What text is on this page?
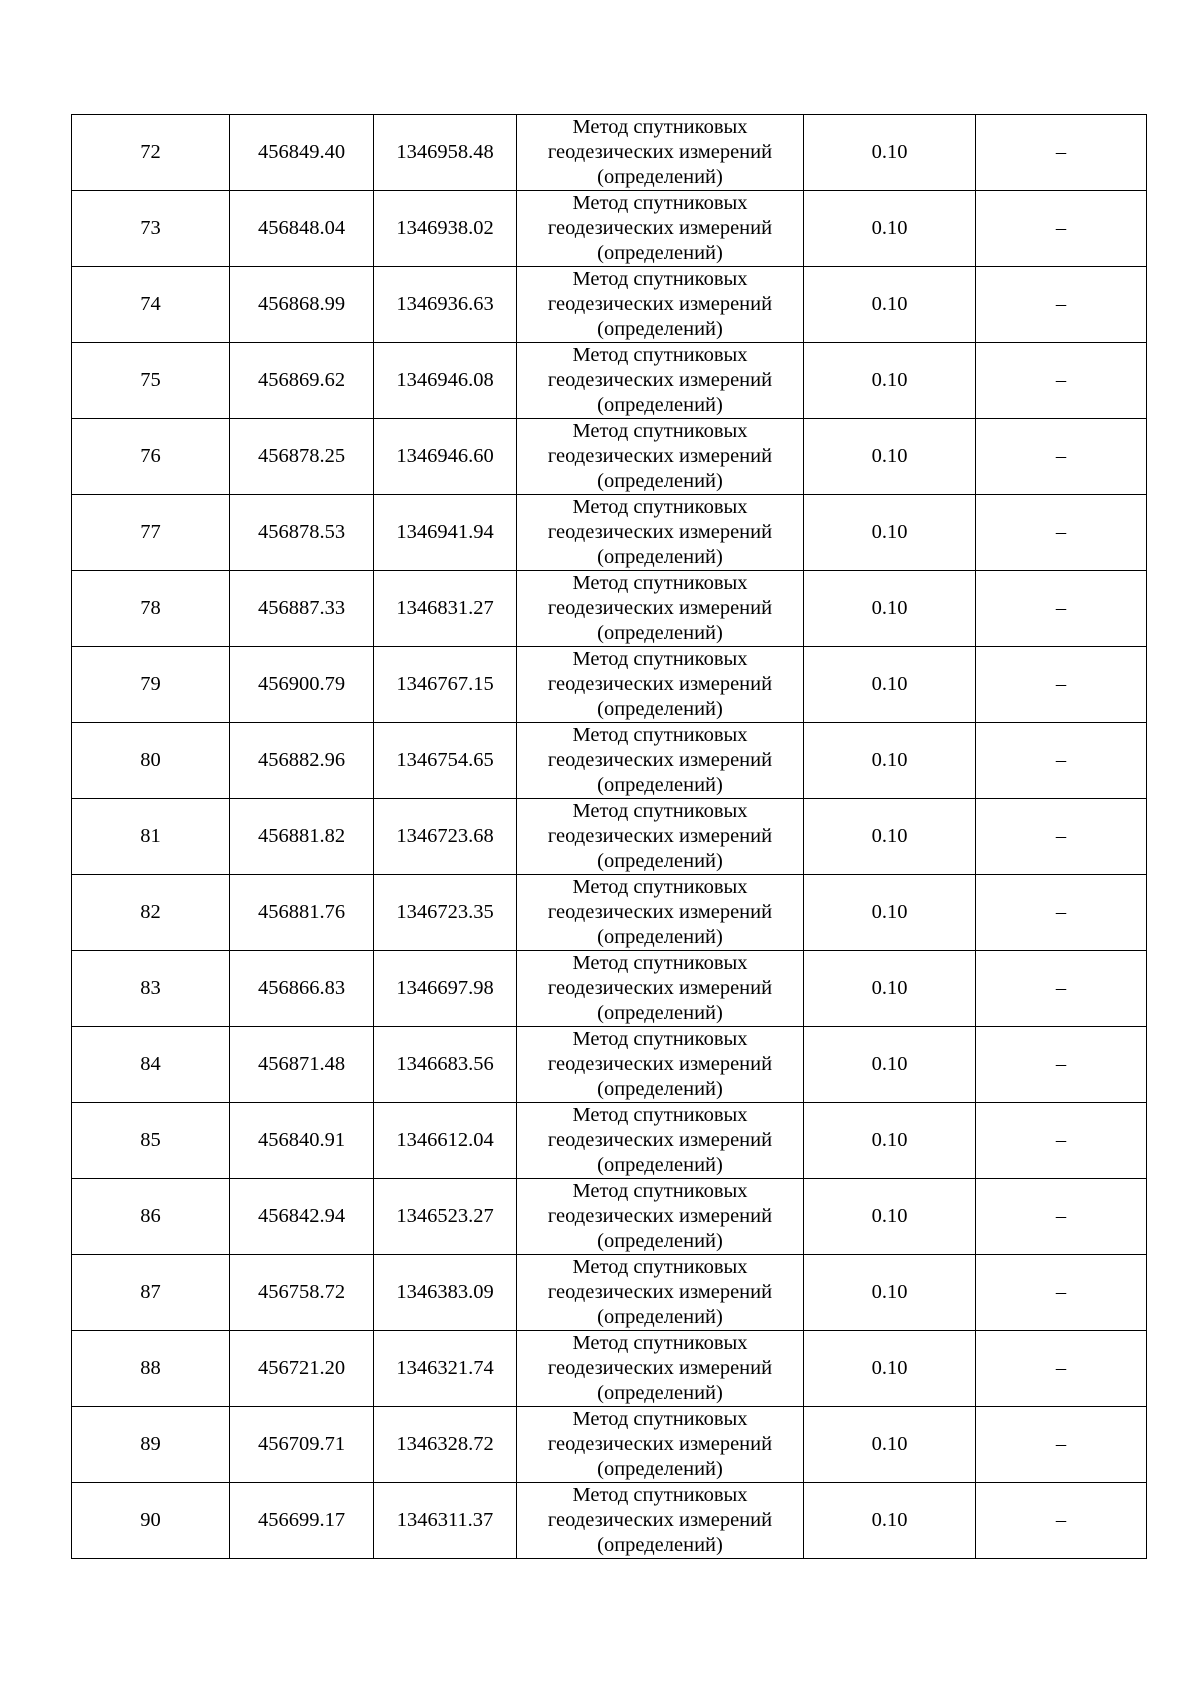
72	456849.40	1346958.48	Метод спутниковых
геодезических измерений
(определений)	0.10	–
73	456848.04	1346938.02	Метод спутниковых
геодезических измерений
(определений)	0.10	–
74	456868.99	1346936.63	Метод спутниковых
геодезических измерений
(определений)	0.10	–
75	456869.62	1346946.08	Метод спутниковых
геодезических измерений
(определений)	0.10	–
76	456878.25	1346946.60	Метод спутниковых
геодезических измерений
(определений)	0.10	–
77	456878.53	1346941.94	Метод спутниковых
геодезических измерений
(определений)	0.10	–
78	456887.33	1346831.27	Метод спутниковых
геодезических измерений
(определений)	0.10	–
79	456900.79	1346767.15	Метод спутниковых
геодезических измерений
(определений)	0.10	–
80	456882.96	1346754.65	Метод спутниковых
геодезических измерений
(определений)	0.10	–
81	456881.82	1346723.68	Метод спутниковых
геодезических измерений
(определений)	0.10	–
82	456881.76	1346723.35	Метод спутниковых
геодезических измерений
(определений)	0.10	–
83	456866.83	1346697.98	Метод спутниковых
геодезических измерений
(определений)	0.10	–
84	456871.48	1346683.56	Метод спутниковых
геодезических измерений
(определений)	0.10	–
85	456840.91	1346612.04	Метод спутниковых
геодезических измерений
(определений)	0.10	–
86	456842.94	1346523.27	Метод спутниковых
геодезических измерений
(определений)	0.10	–
87	456758.72	1346383.09	Метод спутниковых
геодезических измерений
(определений)	0.10	–
88	456721.20	1346321.74	Метод спутниковых
геодезических измерений
(определений)	0.10	–
89	456709.71	1346328.72	Метод спутниковых
геодезических измерений
(определений)	0.10	–
90	456699.17	1346311.37	Метод спутниковых
геодезических измерений
(определений)	0.10	–
